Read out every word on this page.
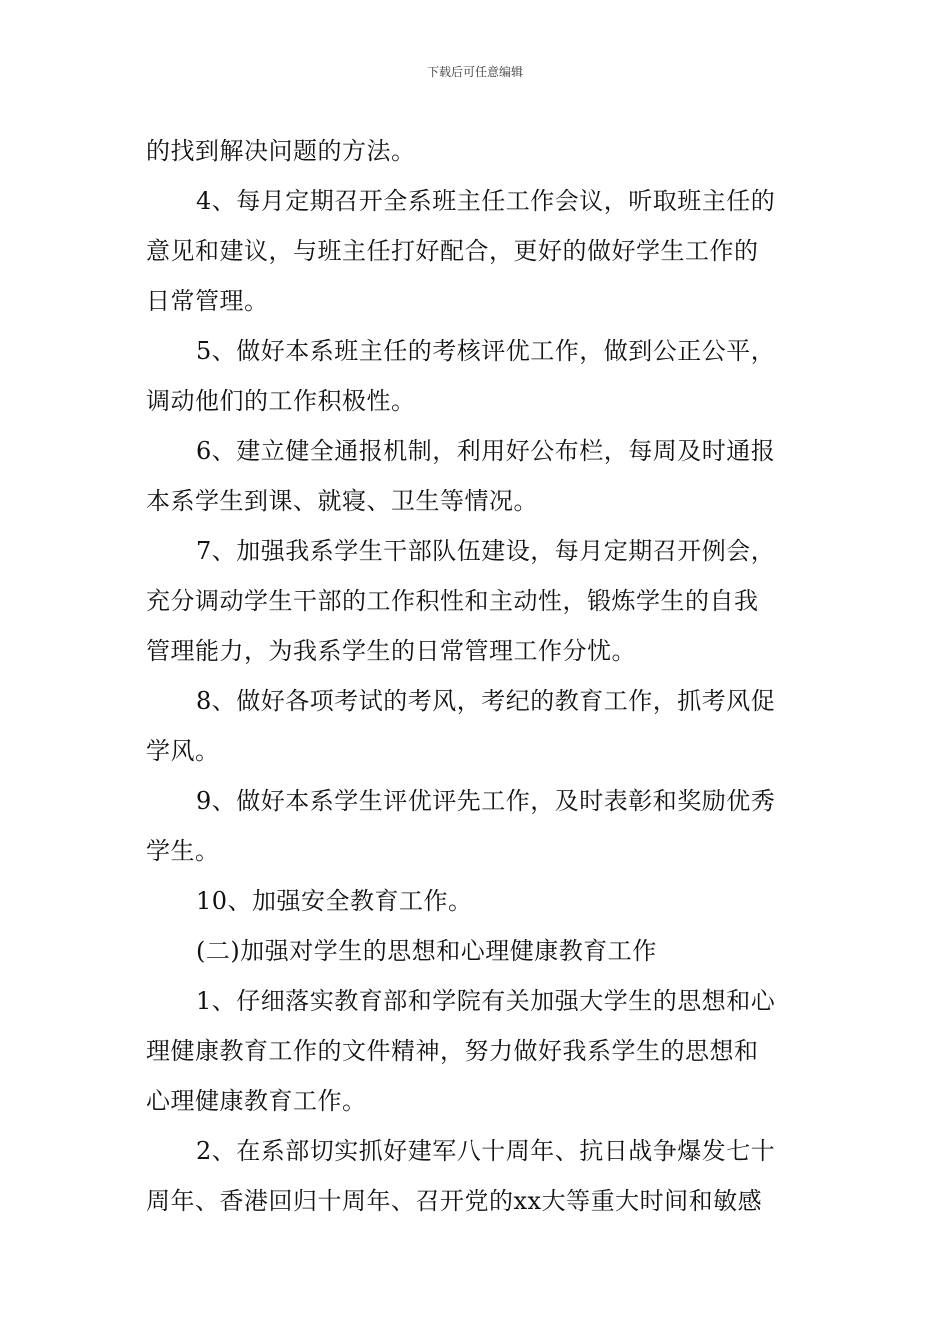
下载后可任意编辑
的找到解决问题的方法。
4、每月定期召开全系班主任工作会议，听取班主任的
意见和建议，与班主任打好配合，更好的做好学生工作的
日常管理。
5、做好本系班主任的考核评优工作，做到公正公平，
调动他们的工作积极性。
6、建立健全通报机制，利用好公布栏，每周及时通报
本系学生到课、就寝、卫生等情况。
7、加强我系学生干部队伍建设，每月定期召开例会，
充分调动学生干部的工作积性和主动性，锻炼学生的自我
管理能力，为我系学生的日常管理工作分忧。
8、做好各项考试的考风，考纪的教育工作，抓考风促
学风。
9、做好本系学生评优评先工作，及时表彰和奖励优秀
学生。
10、加强安全教育工作。
(二)加强对学生的思想和心理健康教育工作
1、仔细落实教育部和学院有关加强大学生的思想和心
理健康教育工作的文件精神，努力做好我系学生的思想和
心理健康教育工作。
2、在系部切实抓好建军八十周年、抗日战争爆发七十
周年、香港回归十周年、召开党的xx大等重大时间和敏感
